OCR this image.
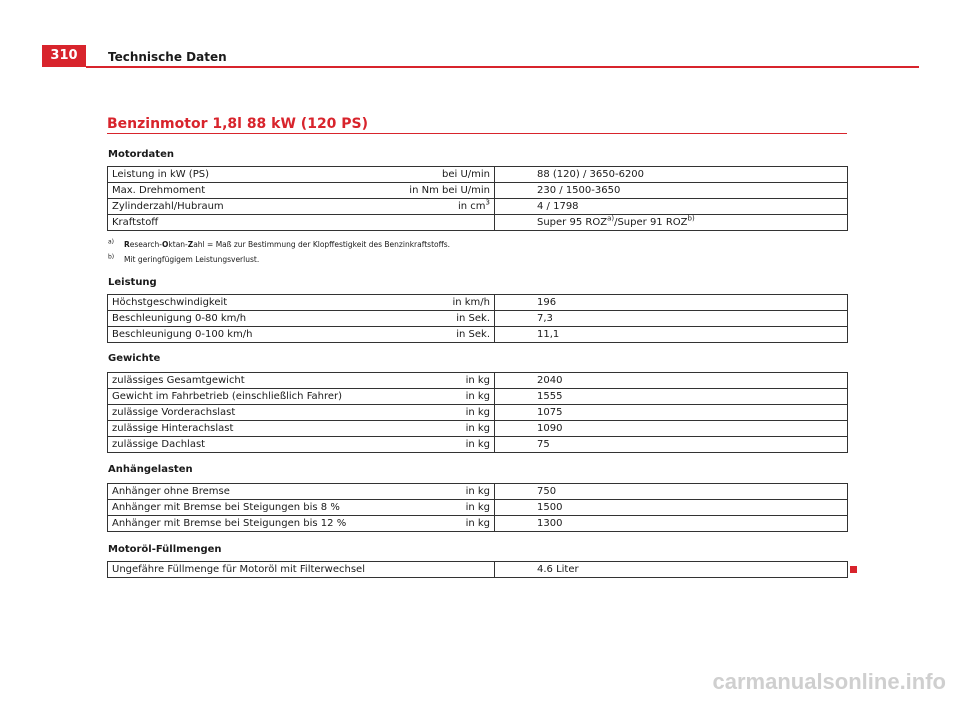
310	Technische Daten
Benzinmotor 1,8l 88 kW (120 PS)
Motordaten
Leistung in kW (PS)	bei U/min	88 (120) / 3650-6200
Max. Drehmoment	in Nm bei U/min	230 / 1500-3650
Zylinderzahl/Hubraum	in $cm^3$	4 / 1798
Kraftstoff		Super 95 ROZ$^{a)}$/Super 91 ROZ$^{b)}$
$^{a)}$ Research-Oktan-Zahl = Maß zur Bestimmung der Klopffestigkeit des Benzinkraftstoffs.
$^{b)}$ Mit geringfügigem Leistungsverlust.
Leistung
Höchstgeschwindigkeit	in km/h	196
Beschleunigung 0-80 km/h	in Sek.	7,3
Beschleunigung 0-100 km/h	in Sek.	11,1
Gewichte
zulässiges Gesamtgewicht	in kg	2040
Gewicht im Fahrbetrieb (einschließlich Fahrer)	in kg	1555
zulässige Vorderachslast	in kg	1075
zulässige Hinterachslast	in kg	1090
zulässige Dachlast	in kg	75
Anhängelasten
Anhänger ohne Bremse	in kg	750
Anhänger mit Bremse bei Steigungen bis 8 %	in kg	1500
Anhänger mit Bremse bei Steigungen bis 12 %	in kg	1300
Motoröl-Füllmengen
Ungefähre Füllmenge für Motoröl mit Filterwechsel	4.6 Liter
carmanualsonline.info
